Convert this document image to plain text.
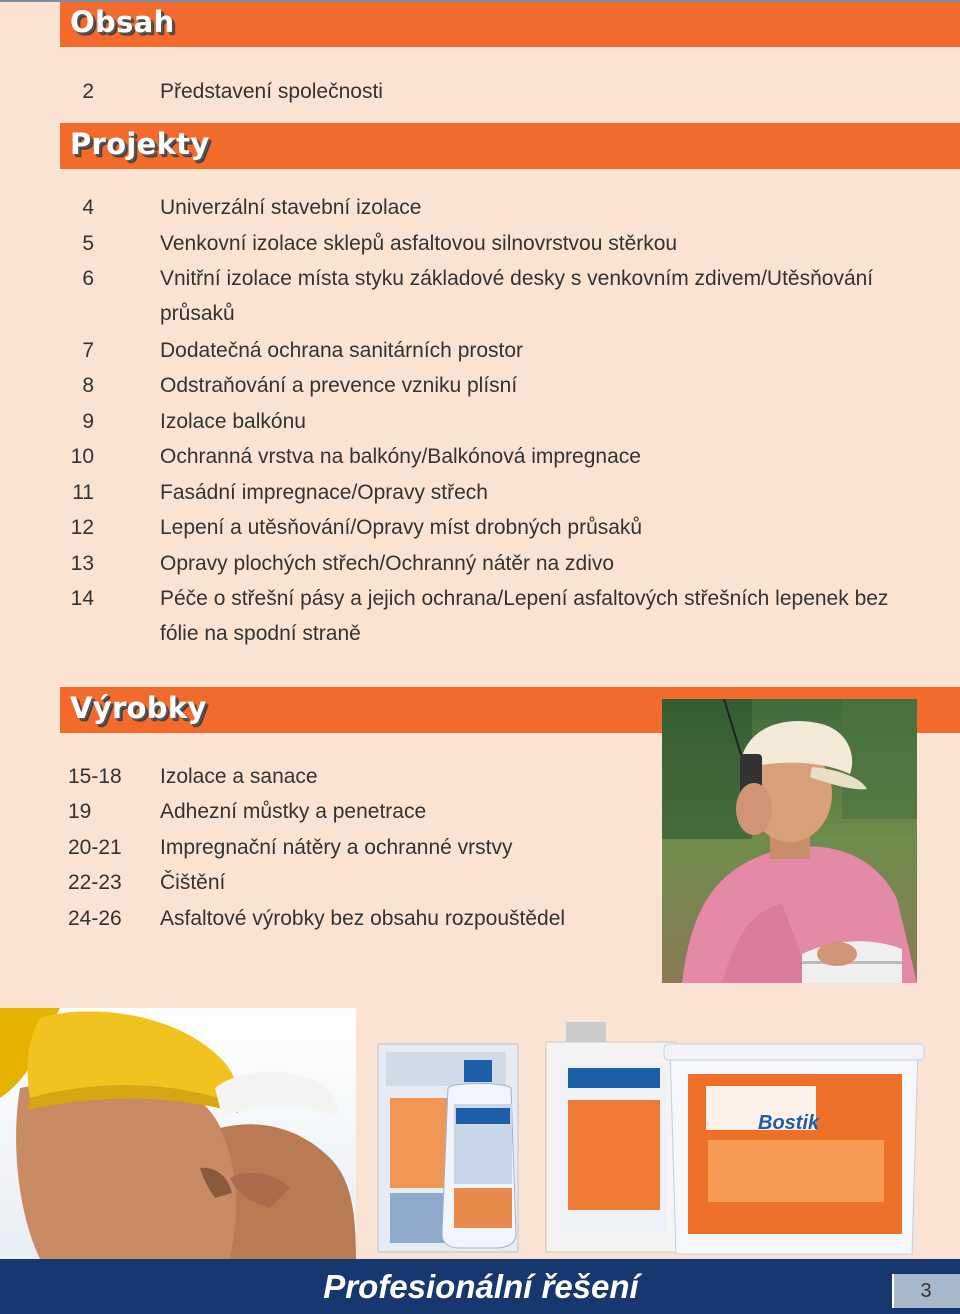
Obsah
2	Představení společnosti
Projekty
4	Univerzální stavební izolace
5	Venkovní izolace sklepů asfaltovou silnovrstvou stěrkou
6	Vnitřní izolace místa styku základové desky s venkovním zdivem/Utěsňování průsaků
7	Dodatečná ochrana sanitárních prostor
8	Odstraňování a prevence vzniku plísní
9	Izolace balkónu
10	Ochranná vrstva na balkóny/Balkónová impregnace
11	Fasádní impregnace/Opravy střech
12	Lepení a utěsňování/Opravy míst drobných průsaků
13	Opravy plochých střech/Ochranný nátěr na zdivo
14	Péče o střešní pásy a jejich ochrana/Lepení asfaltových střešních lepenek bez fólie na spodní straně
Výrobky
15-18 Izolace a sanace
19	Adhezní můstky a penetrace
20-21 Impregnační nátěry a ochranné vrstvy
22-23 Čištění
24-26 Asfaltové výrobky bez obsahu rozpouštědel
Bostik
Profesionální řešení	3
